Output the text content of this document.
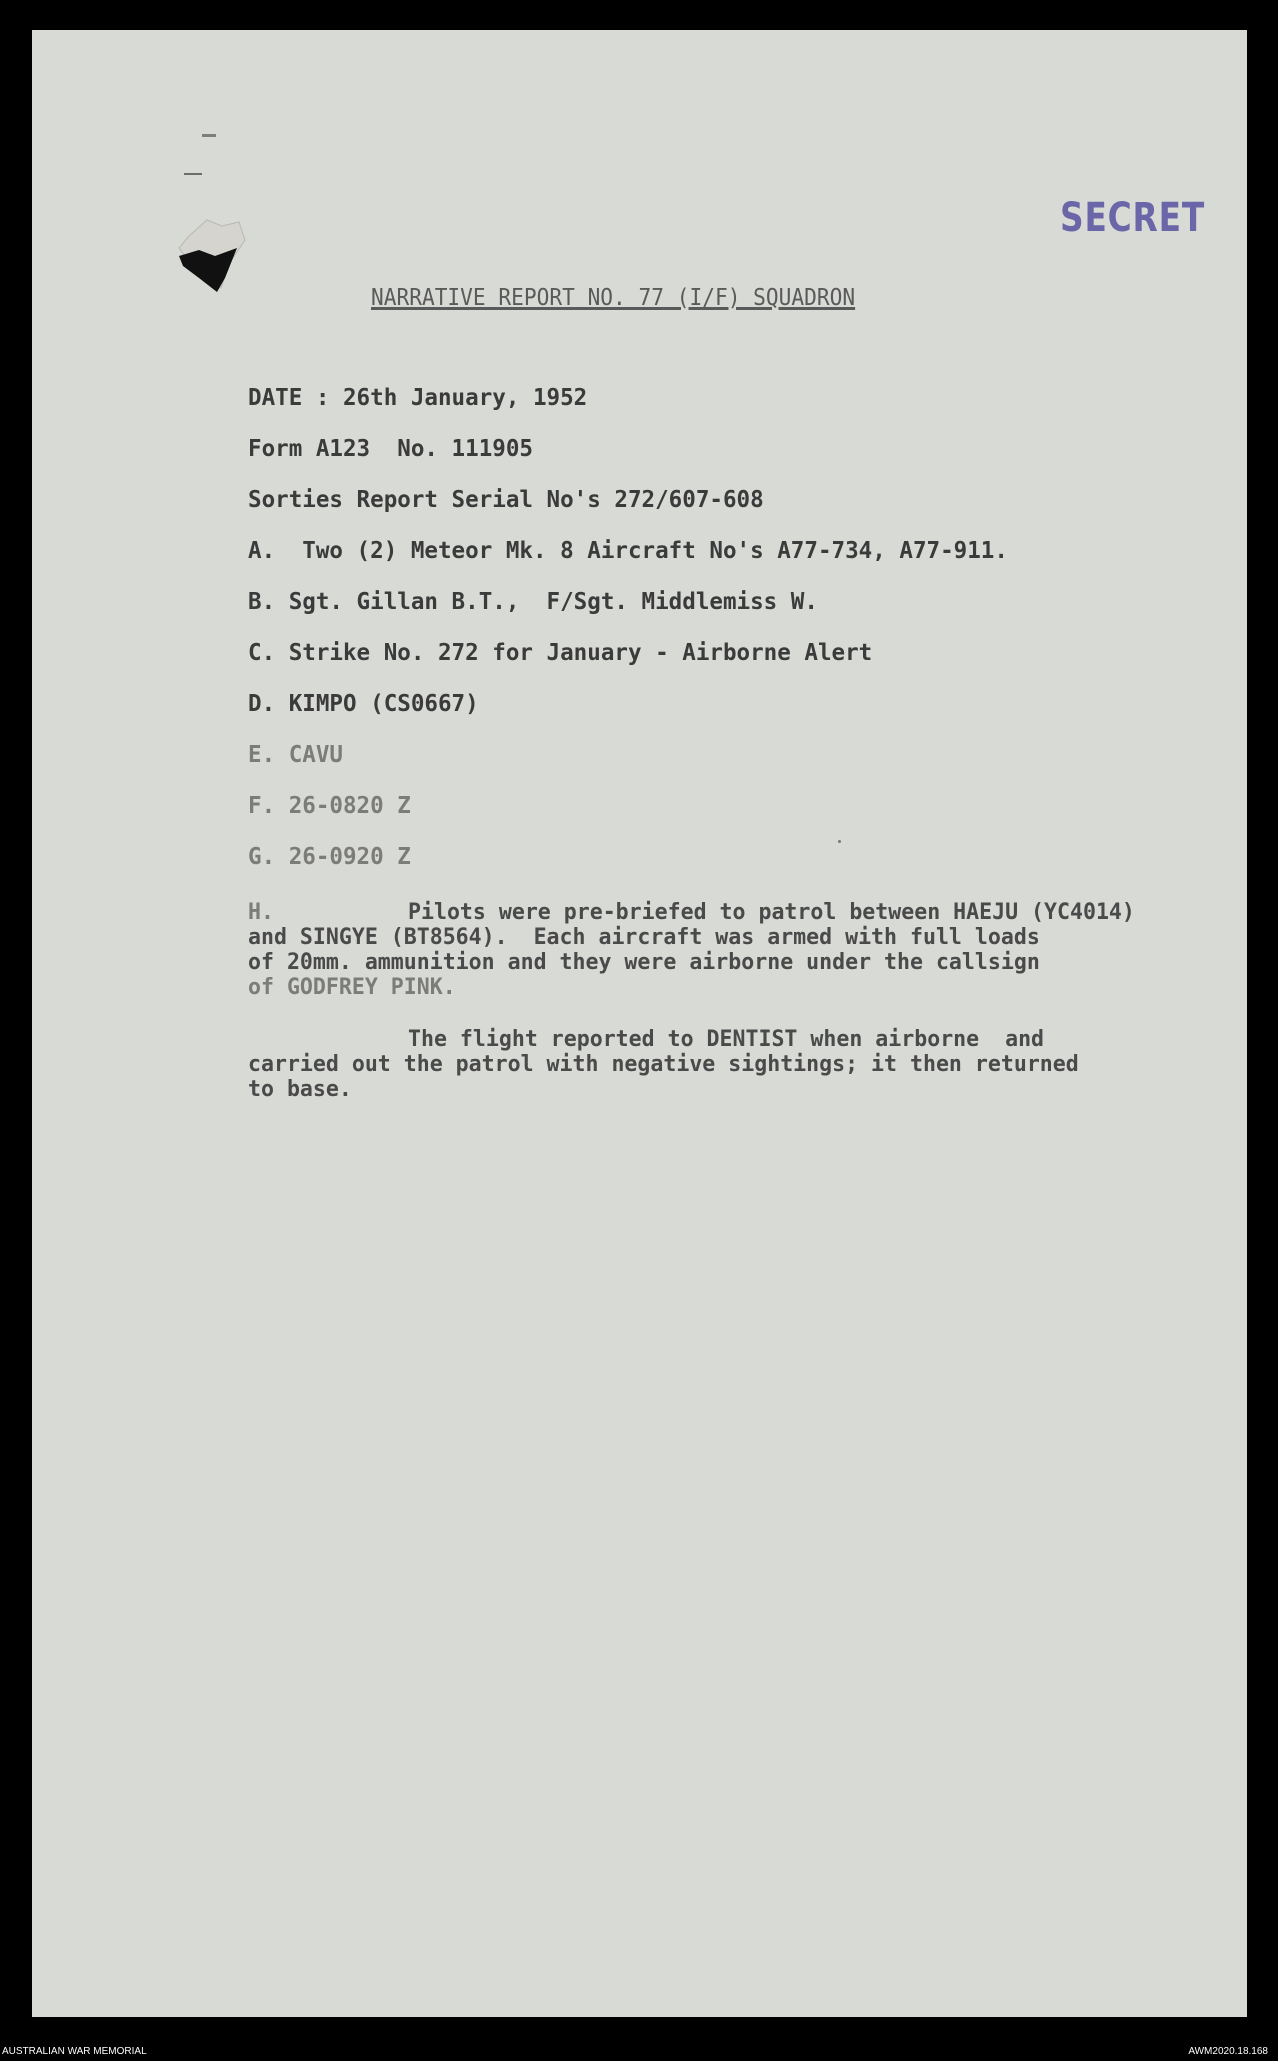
SECRET
NARRATIVE REPORT NO. 77 (I/F) SQUADRON
DATE : 26th January, 1952
Form A123  No. 111905
Sorties Report Serial No's 272/607-608
A.  Two (2) Meteor Mk. 8 Aircraft No's A77-734, A77-911.
B. Sgt. Gillan B.T.,  F/Sgt. Middlemiss W.
C. Strike No. 272 for January - Airborne Alert
D. KIMPO (CS0667)
E. CAVU
F. 26-0820 Z
G. 26-0920 Z
H.	Pilots were pre-briefed to patrol between HAEJU (YC4014)
and SINGYE (BT8564).  Each aircraft was armed with full loads
of 20mm. ammunition and they were airborne under the callsign
of GODFREY PINK.
The flight reported to DENTIST when airborne  and
carried out the patrol with negative sightings; it then returned
to base.
AUSTRALIAN WAR MEMORIAL	AWM2020.18.168
